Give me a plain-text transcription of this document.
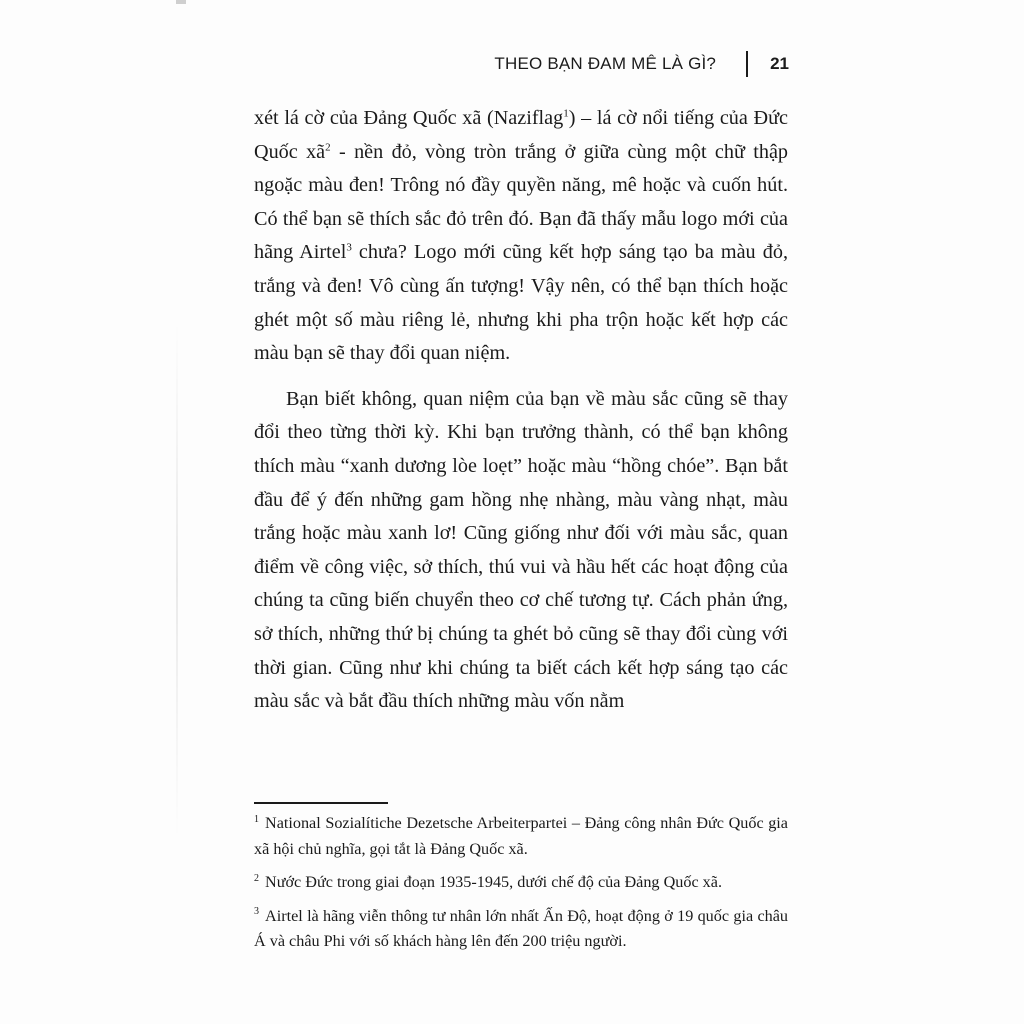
THEO BẠN ĐAM MÊ LÀ GÌ?	21

xét lá cờ của Đảng Quốc xã (Naziflag$^1$) – lá cờ nổi tiếng của Đức Quốc $xã^2$ - nền đỏ, vòng tròn trắng ở giữa cùng một chữ thập ngoặc màu đen! Trông nó đầy quyền năng, mê hoặc và cuốn hút. Có thể bạn sẽ thích sắc đỏ trên đó. Bạn đã thấy mẫu logo mới của hãng Airtel$^3$ chưa? Logo mới cũng kết hợp sáng tạo ba màu đỏ, trắng và đen! Vô cùng ấn tượng! Vậy nên, có thể bạn thích hoặc ghét một số màu riêng lẻ, nhưng khi pha trộn hoặc kết hợp các màu bạn sẽ thay đổi quan niệm.

Bạn biết không, quan niệm của bạn về màu sắc cũng sẽ thay đổi theo từng thời kỳ. Khi bạn trưởng thành, có thể bạn không thích màu “xanh dương lòe loẹt” hoặc màu “hồng chóe”. Bạn bắt đầu để ý đến những gam hồng nhẹ nhàng, màu vàng nhạt, màu trắng hoặc màu xanh lơ! Cũng giống như đối với màu sắc, quan điểm về công việc, sở thích, thú vui và hầu hết các hoạt động của chúng ta cũng biến chuyển theo cơ chế tương tự. Cách phản ứng, sở thích, những thứ bị chúng ta ghét bỏ cũng sẽ thay đổi cùng với thời gian. Cũng như khi chúng ta biết cách kết hợp sáng tạo các màu sắc và bắt đầu thích những màu vốn nằm

$^1$ National Sozialítiche Dezetsche Arbeiterpartei – Đảng công nhân Đức Quốc gia xã hội chủ nghĩa, gọi tắt là Đảng Quốc xã.

$^2$ Nước Đức trong giai đoạn 1935-1945, dưới chế độ của Đảng Quốc xã.

$^3$ Airtel là hãng viễn thông tư nhân lớn nhất Ấn Độ, hoạt động ở 19 quốc gia châu Á và châu Phi với số khách hàng lên đến 200 triệu người.
